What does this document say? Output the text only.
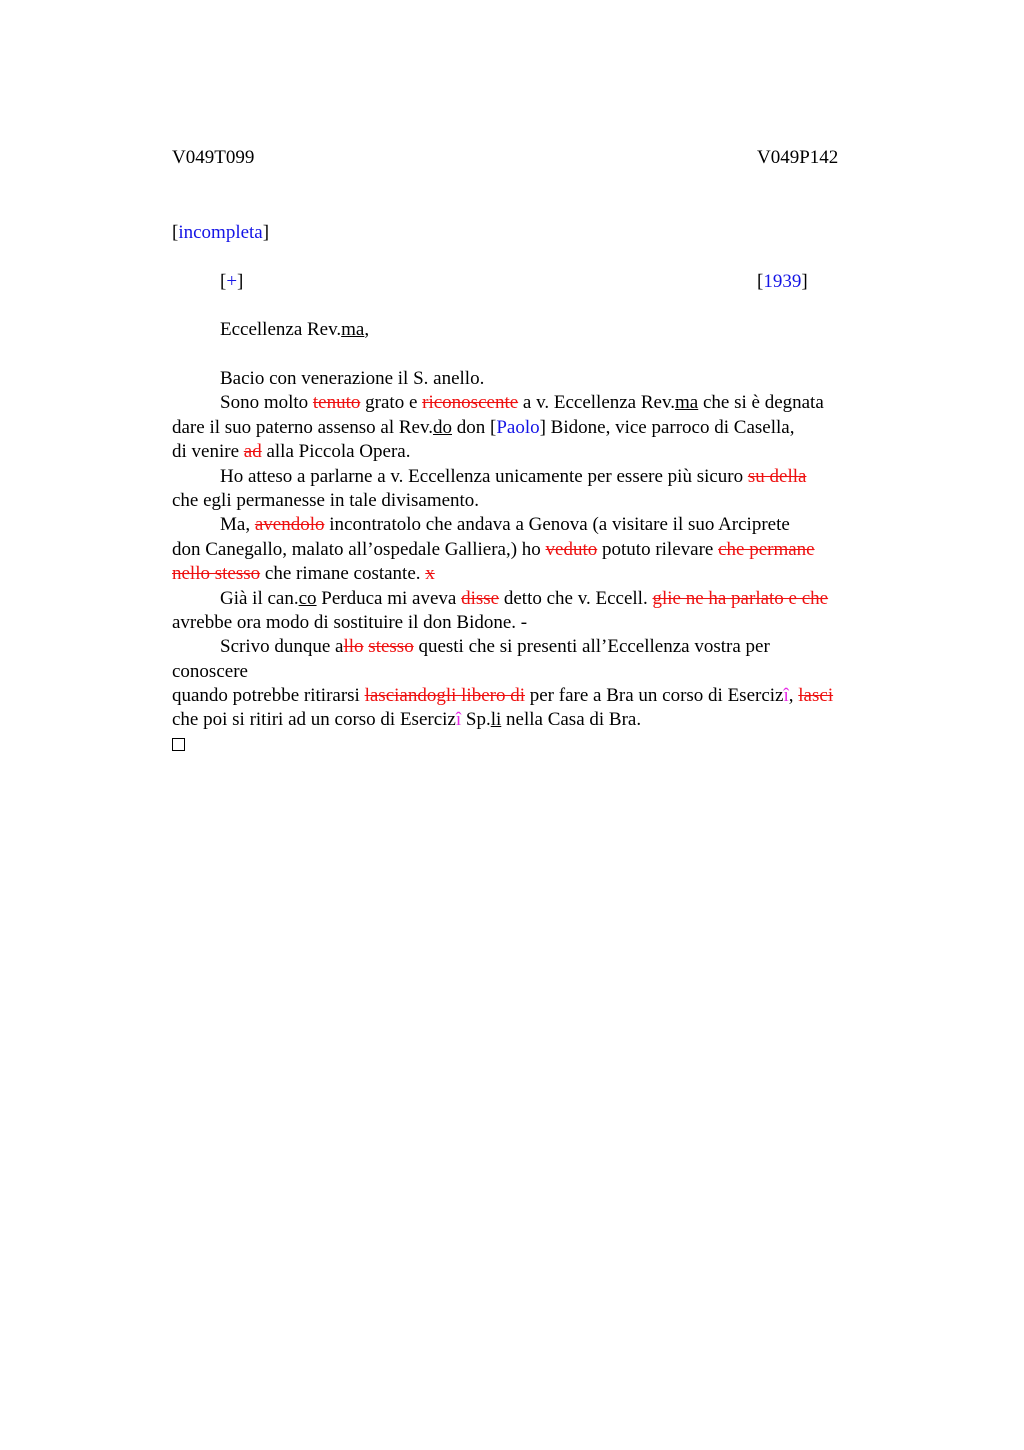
V049T099	V049P142
[incompleta]
[+]	[1939]
Eccellenza Rev.ma,
Bacio con venerazione il S. anello.
Sono molto tenuto grato e riconoscente a v. Eccellenza Rev.ma che si è degnata
dare il suo paterno assenso al Rev.do don [Paolo] Bidone, vice parroco di Casella,
di venire ad alla Piccola Opera.
Ho atteso a parlarne a v. Eccellenza unicamente per essere più sicuro su della
che egli permanesse in tale divisamento.
Ma, avendolo incontratolo che andava a Genova (a visitare il suo Arciprete
don Canegallo, malato all’ospedale Galliera,) ho veduto potuto rilevare che permane
nello stesso che rimane costante. x
Già il can.co Perduca mi aveva disse detto che v. Eccell. glie ne ha parlato e che
avrebbe ora modo di sostituire il don Bidone. -
Scrivo dunque allo stesso questi che si presenti all’Eccellenza vostra per
conoscere
quando potrebbe ritirarsi lasciandogli libero di per fare a Bra un corso di Esercizî, lasci
che poi si ritiri ad un corso di Esercizî Sp.li nella Casa di Bra.
